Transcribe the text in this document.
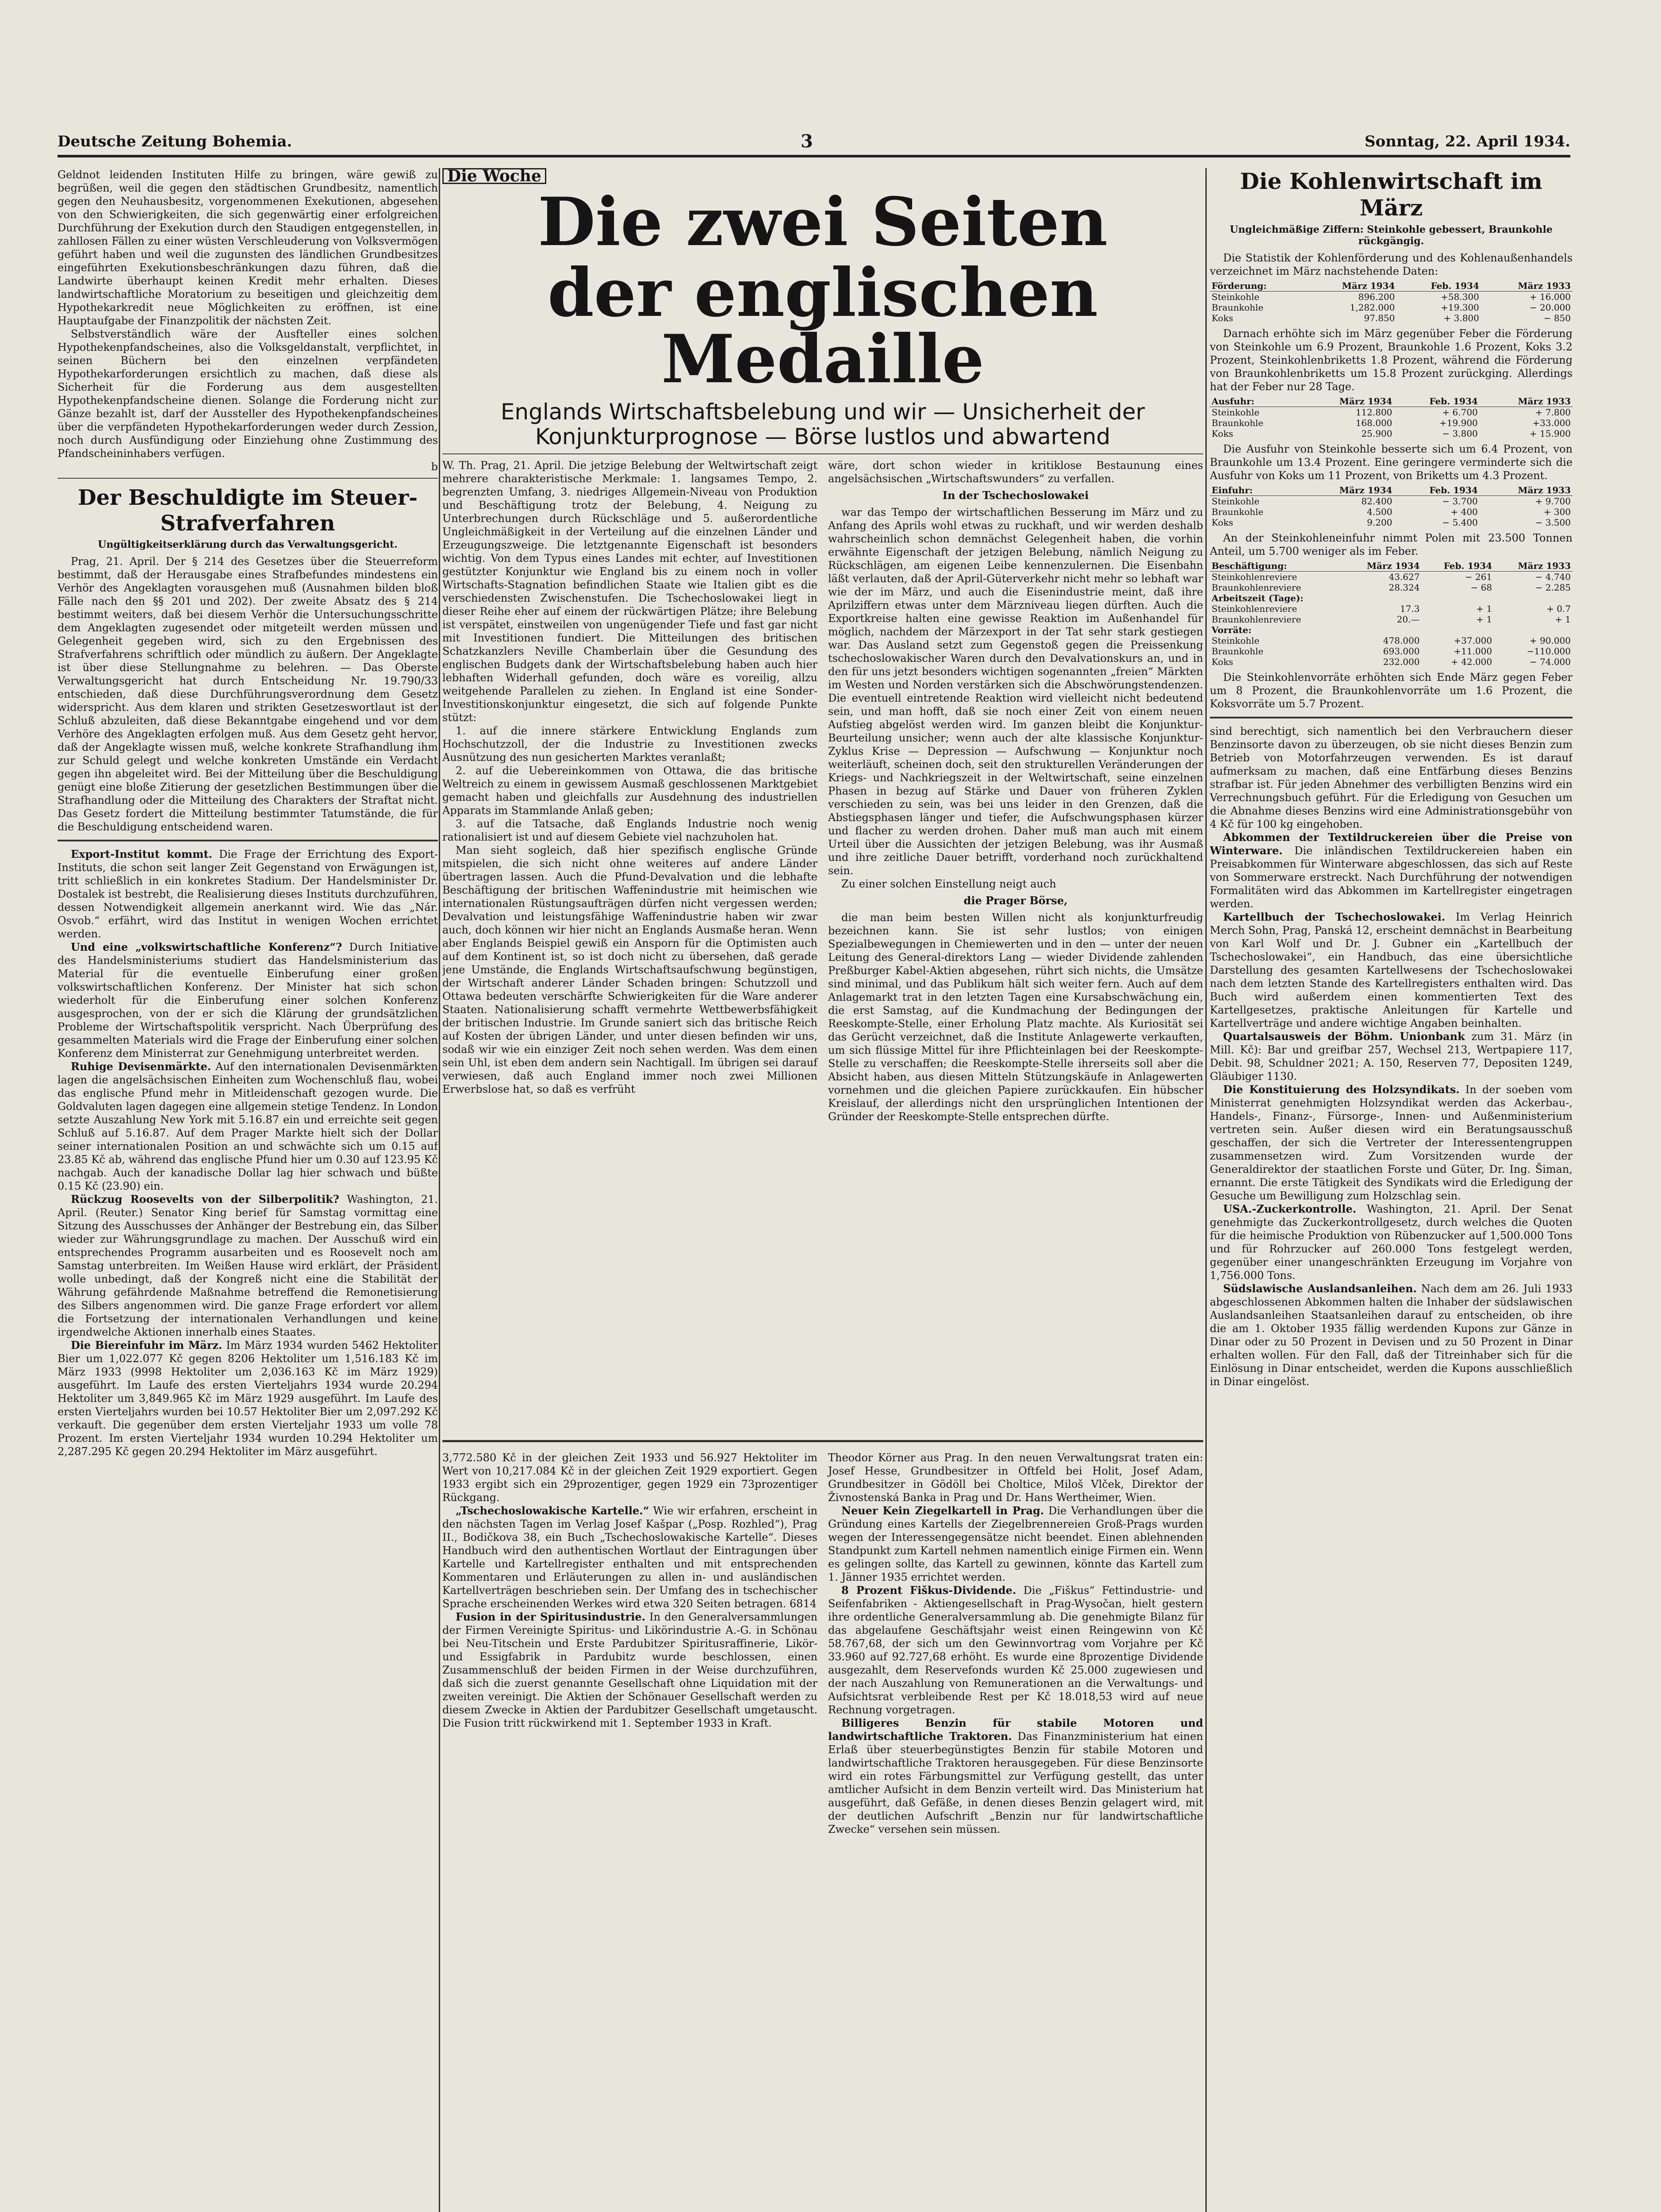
Deutsche Zeitung Bohemia.	3	Sonntag, 22. April 1934.

Geldnot leidenden Instituten Hilfe zu bringen, wäre gewiß zu begrüßen, weil die gegen den städtischen Grundbesitz, namentlich gegen den Neuhausbesitz, vorgenommenen Exekutionen, abgesehen von den Schwierigkeiten, die sich gegenwärtig einer erfolgreichen Durchführung der Exekution durch den Staudigen entgegenstellen, in zahllosen Fällen zu einer wüsten Verschleuderung von Volksvermögen geführt haben und weil die zugunsten des ländlichen Grundbesitzes eingeführten Exekutionsbeschränkungen dazu führen, daß die Landwirte überhaupt keinen Kredit mehr erhalten. Dieses landwirtschaftliche Moratorium zu beseitigen und gleichzeitig dem Hypothekarkredit neue Möglichkeiten zu eröffnen, ist eine Hauptaufgabe der Finanzpolitik der nächsten Zeit.

Selbstverständlich wäre der Ausfteller eines solchen Hypothekenpfandscheines, also die Volksgeldanstalt, verpflichtet, in seinen Büchern bei den einzelnen verpfändeten Hypothekarforderungen ersichtlich zu machen, daß diese als Sicherheit für die Forderung aus dem ausgestellten Hypothekenpfandscheine dienen. Solange die Forderung nicht zur Gänze bezahlt ist, darf der Aussteller des Hypothekenpfandscheines über die verpfändeten Hypothekarforderungen weder durch Zession, noch durch Ausfündigung oder Einziehung ohne Zustimmung des Pfandscheininhabers verfügen.

b
Der Beschuldigte im Steuer-Strafverfahren
Ungültigkeitserklärung durch das Verwaltungsgericht.

Prag, 21. April. Der § 214 des Gesetzes über die Steuerreform bestimmt, daß der Herausgabe eines Strafbefundes mindestens ein Verhör des Angeklagten vorausgehen muß (Ausnahmen bilden bloß Fälle nach den §§ 201 und 202). Der zweite Absatz des § 214 bestimmt weiters, daß bei diesem Verhör die Untersuchungsschritte dem Angeklagten zugesendet oder mitgeteilt werden müssen und Gelegenheit gegeben wird, sich zu den Ergebnissen des Strafverfahrens schriftlich oder mündlich zu äußern. Der Angeklagte ist über diese Stellungnahme zu belehren. — Das Oberste Verwaltungsgericht hat durch Entscheidung Nr. 19.790/33 entschieden, daß diese Durchführungsverordnung dem Gesetz widerspricht. Aus dem klaren und strikten Gesetzeswortlaut ist der Schluß abzuleiten, daß diese Bekanntgabe eingehend und vor dem Verhöre des Angeklagten erfolgen muß. Aus dem Gesetz geht hervor, daß der Angeklagte wissen muß, welche konkrete Strafhandlung ihm zur Schuld gelegt und welche konkreten Umstände ein Verdacht gegen ihn abgeleitet wird. Bei der Mitteilung über die Beschuldigung genügt eine bloße Zitierung der gesetzlichen Bestimmungen über die Strafhandlung oder die Mitteilung des Charakters der Straftat nicht. Das Gesetz fordert die Mitteilung bestimmter Tatumstände, die für die Beschuldigung entscheidend waren.

Export-Institut kommt. Die Frage der Errichtung des Export-Instituts, die schon seit langer Zeit Gegenstand von Erwägungen ist, tritt schließlich in ein konkretes Stadium. Der Handelsminister Dr. Dostalek ist bestrebt, die Realisierung dieses Instituts durchzuführen, dessen Notwendigkeit allgemein anerkannt wird. Wie das „Nár. Osvob.“ erfährt, wird das Institut in wenigen Wochen errichtet werden.

Und eine „volkswirtschaftliche Konferenz“? Durch Initiative des Handelsministeriums studiert das Handelsministerium das Material für die eventuelle Einberufung einer großen volkswirtschaftlichen Konferenz. Der Minister hat sich schon wiederholt für die Einberufung einer solchen Konferenz ausgesprochen, von der er sich die Klärung der grundsätzlichen Probleme der Wirtschaftspolitik verspricht. Nach Überprüfung des gesammelten Materials wird die Frage der Einberufung einer solchen Konferenz dem Ministerrat zur Genehmigung unterbreitet werden.

Ruhige Devisenmärkte. Auf den internationalen Devisenmärkten lagen die angelsächsischen Einheiten zum Wochenschluß flau, wobei das englische Pfund mehr in Mitleidenschaft gezogen wurde. Die Goldvaluten lagen dagegen eine allgemein stetige Tendenz. In London setzte Auszahlung New York mit 5.16.87 ein und erreichte seit gegen Schluß auf 5.16.87. Auf dem Prager Markte hielt sich der Dollar seiner internationalen Position an und schwächte sich um 0.15 auf 23.85 Kč ab, während das englische Pfund hier um 0.30 auf 123.95 Kč nachgab. Auch der kanadische Dollar lag hier schwach und büßte 0.15 Kč (23.90) ein.

Rückzug Roosevelts von der Silberpolitik? Washington, 21. April. (Reuter.) Senator King berief für Samstag vormittag eine Sitzung des Ausschusses der Anhänger der Bestrebung ein, das Silber wieder zur Währungsgrundlage zu machen. Der Ausschuß wird ein entsprechendes Programm ausarbeiten und es Roosevelt noch am Samstag unterbreiten. Im Weißen Hause wird erklärt, der Präsident wolle unbedingt, daß der Kongreß nicht eine die Stabilität der Währung gefährdende Maßnahme betreffend die Remonetisierung des Silbers angenommen wird. Die ganze Frage erfordert vor allem die Fortsetzung der internationalen Verhandlungen und keine irgendwelche Aktionen innerhalb eines Staates.

Die Biereinfuhr im März. Im März 1934 wurden 5462 Hektoliter Bier um 1,022.077 Kč gegen 8206 Hektoliter um 1,516.183 Kč im März 1933 (9998 Hektoliter um 2,036.163 Kč im März 1929) ausgeführt. Im Laufe des ersten Vierteljahrs 1934 wurde 20.294 Hektoliter um 3,849.965 Kč im März 1929 ausgeführt. Im Laufe des ersten Vierteljahrs wurden bei 10.57 Hektoliter Bier um 2,097.292 Kč verkauft. Die gegenüber dem ersten Vierteljahr 1933 um volle 78 Prozent. Im ersten Vierteljahr 1934 wurden 10.294 Hektoliter um 2,287.295 Kč gegen 20.294 Hektoliter im März ausgeführt.

Die Woche
Die zwei Seiten
der englischen Medaille
Englands Wirtschaftsbelebung und wir — Unsicherheit der Konjunkturprognose — Börse lustlos und abwartend

W. Th. Prag, 21. April. Die jetzige Belebung der Weltwirtschaft zeigt mehrere charakteristische Merkmale: 1. langsames Tempo, 2. begrenzten Umfang, 3. niedriges Allgemein-Niveau von Produktion und Beschäftigung trotz der Belebung, 4. Neigung zu Unterbrechungen durch Rückschläge und 5. außerordentliche Ungleichmäßigkeit in der Verteilung auf die einzelnen Länder und Erzeugungszweige. Die letztgenannte Eigenschaft ist besonders wichtig. Von dem Typus eines Landes mit echter, auf Investitionen gestützter Konjunktur wie England bis zu einem noch in voller Wirtschafts-Stagnation befindlichen Staate wie Italien gibt es die verschiedensten Zwischenstufen. Die Tschechoslowakei liegt in dieser Reihe eher auf einem der rückwärtigen Plätze; ihre Belebung ist verspätet, einstweilen von ungenügender Tiefe und fast gar nicht mit Investitionen fundiert. Die Mitteilungen des britischen Schatzkanzlers Neville Chamberlain über die Gesundung des englischen Budgets dank der Wirtschaftsbelebung haben auch hier lebhaften Widerhall gefunden, doch wäre es voreilig, allzu weitgehende Parallelen zu ziehen. In England ist eine Sonder-Investitionskonjunktur eingesetzt, die sich auf folgende Punkte stützt:

1. auf die innere stärkere Entwicklung Englands zum Hochschutzzoll, der die Industrie zu Investitionen zwecks Ausnützung des nun gesicherten Marktes veranlaßt;

2. auf die Uebereinkommen von Ottawa, die das britische Weltreich zu einem in gewissem Ausmaß geschlossenen Marktgebiet gemacht haben und gleichfalls zur Ausdehnung des industriellen Apparats im Stammlande Anlaß geben;

3. auf die Tatsache, daß Englands Industrie noch wenig rationalisiert ist und auf diesem Gebiete viel nachzuholen hat.

Man sieht sogleich, daß hier spezifisch englische Gründe mitspielen, die sich nicht ohne weiteres auf andere Länder übertragen lassen. Auch die Pfund-Devalvation und die lebhafte Beschäftigung der britischen Waffenindustrie mit heimischen wie internationalen Rüstungsaufträgen dürfen nicht vergessen werden; Devalvation und leistungsfähige Waffenindustrie haben wir zwar auch, doch können wir hier nicht an Englands Ausmaße heran. Wenn aber Englands Beispiel gewiß ein Ansporn für die Optimisten auch auf dem Kontinent ist, so ist doch nicht zu übersehen, daß gerade jene Umstände, die Englands Wirtschaftsaufschwung begünstigen, der Wirtschaft anderer Länder Schaden bringen: Schutzzoll und Ottawa bedeuten verschärfte Schwierigkeiten für die Ware anderer Staaten. Nationalisierung schafft vermehrte Wettbewerbsfähigkeit der britischen Industrie. Im Grunde saniert sich das britische Reich auf Kosten der übrigen Länder, und unter diesen befinden wir uns, sodaß wir wie ein einziger Zeit noch sehen werden. Was dem einen sein Uhl, ist eben dem andern sein Nachtigall. Im übrigen sei darauf verwiesen, daß auch England immer noch zwei Millionen Erwerbslose hat, so daß es verfrüht

wäre, dort schon wieder in kritiklose Bestaunung eines angelsächsischen „Wirtschaftswunders“ zu verfallen.

In der Tschechoslowakei

war das Tempo der wirtschaftlichen Besserung im März und zu Anfang des Aprils wohl etwas zu ruckhaft, und wir werden deshalb wahrscheinlich schon demnächst Gelegenheit haben, die vorhin erwähnte Eigenschaft der jetzigen Belebung, nämlich Neigung zu Rückschlägen, am eigenen Leibe kennenzulernen. Die Eisenbahn läßt verlauten, daß der April-Güterverkehr nicht mehr so lebhaft war wie der im März, und auch die Eisenindustrie meint, daß ihre Aprilziffern etwas unter dem Märzniveau liegen dürften. Auch die Exportkreise halten eine gewisse Reaktion im Außenhandel für möglich, nachdem der Märzexport in der Tat sehr stark gestiegen war. Das Ausland setzt zum Gegenstoß gegen die Preissenkung tschechoslowakischer Waren durch den Devalvationskurs an, und in den für uns jetzt besonders wichtigen sogenannten „freien“ Märkten im Westen und Norden verstärken sich die Abschwörungstendenzen. Die eventuell eintretende Reaktion wird vielleicht nicht bedeutend sein, und man hofft, daß sie noch einer Zeit von einem neuen Aufstieg abgelöst werden wird. Im ganzen bleibt die Konjunktur-Beurteilung unsicher; wenn auch der alte klassische Konjunktur-Zyklus Krise — Depression — Aufschwung — Konjunktur noch weiterläuft, scheinen doch, seit den strukturellen Veränderungen der Kriegs- und Nachkriegszeit in der Weltwirtschaft, seine einzelnen Phasen in bezug auf Stärke und Dauer von früheren Zyklen verschieden zu sein, was bei uns leider in den Grenzen, daß die Abstiegsphasen länger und tiefer, die Aufschwungsphasen kürzer und flacher zu werden drohen. Daher muß man auch mit einem Urteil über die Aussichten der jetzigen Belebung, was ihr Ausmaß und ihre zeitliche Dauer betrifft, vorderhand noch zurückhaltend sein.

Zu einer solchen Einstellung neigt auch

die Prager Börse,

die man beim besten Willen nicht als konjunkturfreudig bezeichnen kann. Sie ist sehr lustlos; von einigen Spezialbewegungen in Chemiewerten und in den — unter der neuen Leitung des General-direktors Lang — wieder Dividende zahlenden Preßburger Kabel-Aktien abgesehen, rührt sich nichts, die Umsätze sind minimal, und das Publikum hält sich weiter fern. Auch auf dem Anlagemarkt trat in den letzten Tagen eine Kursabschwächung ein, die erst Samstag, auf die Kundmachung der Bedingungen der Reeskompte-Stelle, einer Erholung Platz machte. Als Kuriosität sei das Gerücht verzeichnet, daß die Institute Anlagewerte verkauften, um sich flüssige Mittel für ihre Pflichteinlagen bei der Reeskompte-Stelle zu verschaffen; die Reeskompte-Stelle ihrerseits soll aber die Absicht haben, aus diesen Mitteln Stützungskäufe in Anlagewerten vornehmen und die gleichen Papiere zurückkaufen. Ein hübscher Kreislauf, der allerdings nicht den ursprünglichen Intentionen der Gründer der Reeskompte-Stelle entsprechen dürfte.

3,772.580 Kč in der gleichen Zeit 1933 und 56.927 Hektoliter im Wert von 10,217.084 Kč in der gleichen Zeit 1929 exportiert. Gegen 1933 ergibt sich ein 29prozentiger, gegen 1929 ein 73prozentiger Rückgang.

„Tschechoslowakische Kartelle.“ Wie wir erfahren, erscheint in den nächsten Tagen im Verlag Josef Kašpar („Posp. Rozhled“), Prag II., Bodičkova 38, ein Buch „Tschechoslowakische Kartelle“. Dieses Handbuch wird den authentischen Wortlaut der Eintragungen über Kartelle und Kartellregister enthalten und mit entsprechenden Kommentaren und Erläuterungen zu allen in- und ausländischen Kartellverträgen beschrieben sein. Der Umfang des in tschechischer Sprache erscheinenden Werkes wird etwa 320 Seiten betragen. 6814

Fusion in der Spiritusindustrie. In den Generalversammlungen der Firmen Vereinigte Spiritus- und Likörindustrie A.-G. in Schönau bei Neu-Titschein und Erste Pardubitzer Spiritusraffinerie, Likör- und Essigfabrik in Pardubitz wurde beschlossen, einen Zusammenschluß der beiden Firmen in der Weise durchzuführen, daß sich die zuerst genannte Gesellschaft ohne Liquidation mit der zweiten vereinigt. Die Aktien der Schönauer Gesellschaft werden zu diesem Zwecke in Aktien der Pardubitzer Gesellschaft umgetauscht. Die Fusion tritt rückwirkend mit 1. September 1933 in Kraft.

Theodor Körner aus Prag. In den neuen Verwaltungsrat traten ein: Josef Hesse, Grundbesitzer in Oftfeld bei Holit, Josef Adam, Grundbesitzer in Gödöll bei Choltice, Miloš Vlček, Direktor der Živnostenská Banka in Prag und Dr. Hans Wertheimer, Wien.

Neuer Kein Ziegelkartell in Prag. Die Verhandlungen über die Gründung eines Kartells der Ziegelbrennereien Groß-Prags wurden wegen der Interessengegensätze nicht beendet. Einen ablehnenden Standpunkt zum Kartell nehmen namentlich einige Firmen ein. Wenn es gelingen sollte, das Kartell zu gewinnen, könnte das Kartell zum 1. Jänner 1935 errichtet werden.

8 Prozent Fiškus-Dividende. Die „Fiškus“ Fettindustrie- und Seifenfabriken - Aktiengesellschaft in Prag-Wysočan, hielt gestern ihre ordentliche Generalversammlung ab. Die genehmigte Bilanz für das abgelaufene Geschäftsjahr weist einen Reingewinn von Kč 58.767,68, der sich um den Gewinnvortrag vom Vorjahre per Kč 33.960 auf 92.727,68 erhöht. Es wurde eine 8prozentige Dividende ausgezahlt, dem Reservefonds wurden Kč 25.000 zugewiesen und der nach Auszahlung von Remunerationen an die Verwaltungs- und Aufsichtsrat verbleibende Rest per Kč 18.018,53 wird auf neue Rechnung vorgetragen.

Billigeres Benzin für stabile Motoren und landwirtschaftliche Traktoren. Das Finanzministerium hat einen Erlaß über steuerbegünstigtes Benzin für stabile Motoren und landwirtschaftliche Traktoren herausgegeben. Für diese Benzinsorte wird ein rotes Färbungsmittel zur Verfügung gestellt, das unter amtlicher Aufsicht in dem Benzin verteilt wird. Das Ministerium hat ausgeführt, daß Gefäße, in denen dieses Benzin gelagert wird, mit der deutlichen Aufschrift „Benzin nur für landwirtschaftliche Zwecke“ versehen sein müssen.

Die Kohlenwirtschaft im März
Ungleichmäßige Ziffern: Steinkohle gebessert, Braunkohle rückgängig.

Die Statistik der Kohlenförderung und des Kohlenaußenhandels verzeichnet im März nachstehende Daten:

Förderung:	März 1934	Feb. 1934	März 1933
Steinkohle	896.200	+58.300	+ 16.000
Braunkohle	1,282.000	+19.300	− 20.000
Koks	97.850	+ 3.800	− 850

Darnach erhöhte sich im März gegenüber Feber die Förderung von Steinkohle um 6.9 Prozent, Braunkohle 1.6 Prozent, Koks 3.2 Prozent, Steinkohlenbriketts 1.8 Prozent, während die Förderung von Braunkohlenbriketts um 15.8 Prozent zurückging. Allerdings hat der Feber nur 28 Tage.

Ausfuhr:	März 1934	Feb. 1934	März 1933
Steinkohle	112.800	+ 6.700	+ 7.800
Braunkohle	168.000	+19.900	+33.000
Koks	25.900	− 3.800	+ 15.900

Die Ausfuhr von Steinkohle besserte sich um 6.4 Prozent, von Braunkohle um 13.4 Prozent. Eine geringere verminderte sich die Ausfuhr von Koks um 11 Prozent, von Briketts um 4.3 Prozent.

Einfuhr:	März 1934	Feb. 1934	März 1933
Steinkohle	82.400	− 3.700	+ 9.700
Braunkohle	4.500	+ 400	+ 300
Koks	9.200	− 5.400	− 3.500

An der Steinkohleneinfuhr nimmt Polen mit 23.500 Tonnen Anteil, um 5.700 weniger als im Feber.

Beschäftigung:	März 1934	Feb. 1934	März 1933
Steinkohlenreviere	43.627	− 261	− 4.740
Braunkohlenreviere	28.324	− 68	− 2.285
Arbeitszeit (Tage):			
Steinkohlenreviere	17.3	+ 1	+ 0.7
Braunkohlenreviere	20.—	+ 1	+ 1
Vorräte:			
Steinkohle	478.000	+37.000	+ 90.000
Braunkohle	693.000	+11.000	−110.000
Koks	232.000	+ 42.000	− 74.000

Die Steinkohlenvorräte erhöhten sich Ende März gegen Feber um 8 Prozent, die Braunkohlenvorräte um 1.6 Prozent, die Koksvorräte um 5.7 Prozent.

sind berechtigt, sich namentlich bei den Verbrauchern dieser Benzinsorte davon zu überzeugen, ob sie nicht dieses Benzin zum Betrieb von Motorfahrzeugen verwenden. Es ist darauf aufmerksam zu machen, daß eine Entfärbung dieses Benzins strafbar ist. Für jeden Abnehmer des verbilligten Benzins wird ein Verrechnungsbuch geführt. Für die Erledigung von Gesuchen um die Abnahme dieses Benzins wird eine Administrationsgebühr von 4 Kč für 100 kg eingehoben.

Abkommen der Textildruckereien über die Preise von Winterware. Die inländischen Textildruckereien haben ein Preisabkommen für Winterware abgeschlossen, das sich auf Reste von Sommerware erstreckt. Nach Durchführung der notwendigen Formalitäten wird das Abkommen im Kartellregister eingetragen werden.

Kartellbuch der Tschechoslowakei. Im Verlag Heinrich Merch Sohn, Prag, Panská 12, erscheint demnächst in Bearbeitung von Karl Wolf und Dr. J. Gubner ein „Kartellbuch der Tschechoslowakei“, ein Handbuch, das eine übersichtliche Darstellung des gesamten Kartellwesens der Tschechoslowakei nach dem letzten Stande des Kartellregisters enthalten wird. Das Buch wird außerdem einen kommentierten Text des Kartellgesetzes, praktische Anleitungen für Kartelle und Kartellverträge und andere wichtige Angaben beinhalten.

Quartalsausweis der Böhm. Unionbank zum 31. März (in Mill. Kč): Bar und greifbar 257, Wechsel 213, Wertpapiere 117, Debit. 98, Schuldner 2021; A. 150, Reserven 77, Depositen 1249, Gläubiger 1130.

Die Konstituierung des Holzsyndikats. In der soeben vom Ministerrat genehmigten Holzsyndikat werden das Ackerbau-, Handels-, Finanz-, Fürsorge-, Innen- und Außenministerium vertreten sein. Außer diesen wird ein Beratungsausschuß geschaffen, der sich die Vertreter der Interessentengruppen zusammensetzen wird. Zum Vorsitzenden wurde der Generaldirektor der staatlichen Forste und Güter, Dr. Ing. Šiman, ernannt. Die erste Tätigkeit des Syndikats wird die Erledigung der Gesuche um Bewilligung zum Holzschlag sein.

USA.-Zuckerkontrolle. Washington, 21. April. Der Senat genehmigte das Zuckerkontrollgesetz, durch welches die Quoten für die heimische Produktion von Rübenzucker auf 1,500.000 Tons und für Rohrzucker auf 260.000 Tons festgelegt werden, gegenüber einer unangeschränkten Erzeugung im Vorjahre von 1,756.000 Tons.

Südslawische Auslandsanleihen. Nach dem am 26. Juli 1933 abgeschlossenen Abkommen halten die Inhaber der südslawischen Auslandsanleihen Staatsanleihen darauf zu entscheiden, ob ihre die am 1. Oktober 1935 fällig werdenden Kupons zur Gänze in Dinar oder zu 50 Prozent in Devisen und zu 50 Prozent in Dinar erhalten wollen. Für den Fall, daß der Titreinhaber sich für die Einlösung in Dinar entscheidet, werden die Kupons ausschließlich in Dinar eingelöst.
